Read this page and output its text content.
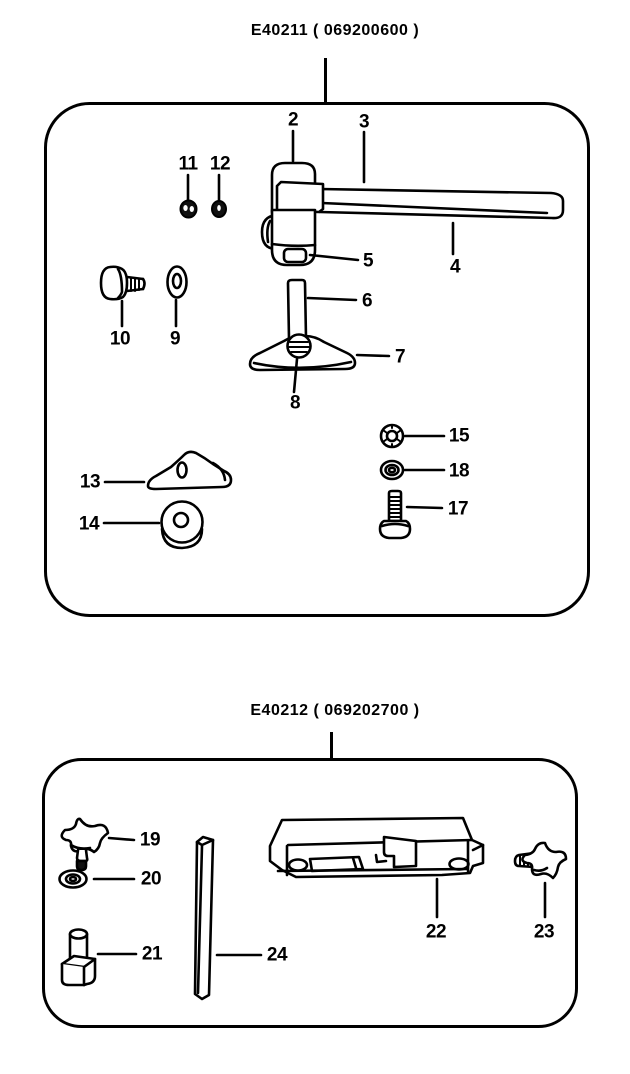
E40211 ( 069200600 )
2	3
4
5
6
7
8
9
10
11 12
13
14
15
17
18
E40212 ( 069202700 )
19
20
21
22	23
24
